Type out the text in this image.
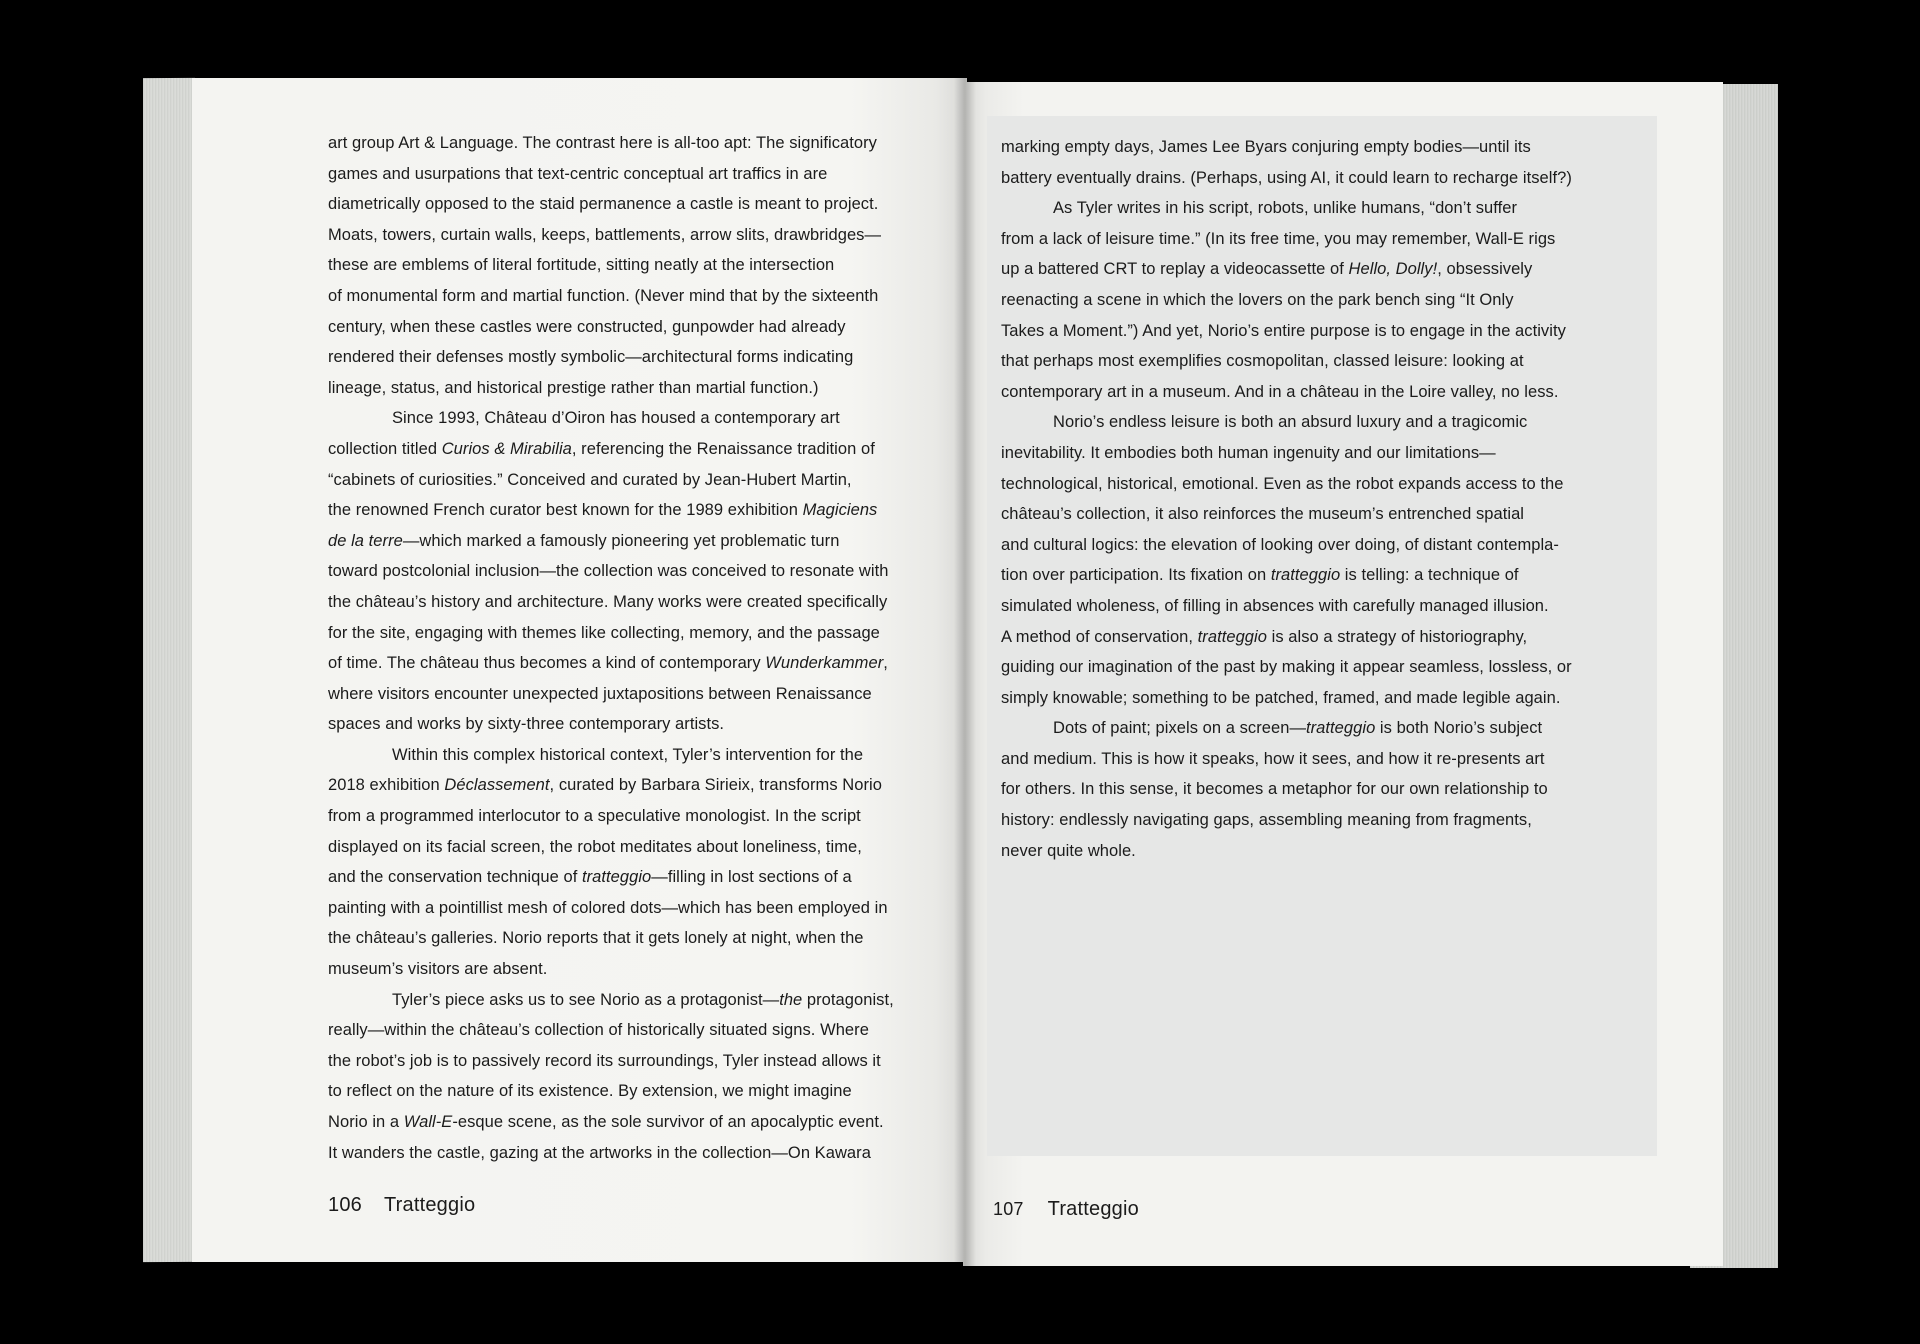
art group Art & Language. The contrast here is all-too apt: The significatory
games and usurpations that text-centric conceptual art traffics in are
diametrically opposed to the staid permanence a castle is meant to project.
Moats, towers, curtain walls, keeps, battlements, arrow slits, drawbridges—
these are emblems of literal fortitude, sitting neatly at the intersection
of monumental form and martial function. (Never mind that by the sixteenth
century, when these castles were constructed, gunpowder had already
rendered their defenses mostly symbolic—architectural forms indicating
lineage, status, and historical prestige rather than martial function.)
Since 1993, Château d’Oiron has housed a contemporary art
collection titled Curios & Mirabilia, referencing the Renaissance tradition of
“cabinets of curiosities.” Conceived and curated by Jean-Hubert Martin,
the renowned French curator best known for the 1989 exhibition Magiciens
de la terre—which marked a famously pioneering yet problematic turn
toward postcolonial inclusion—the collection was conceived to resonate with
the château’s history and architecture. Many works were created specifically
for the site, engaging with themes like collecting, memory, and the passage
of time. The château thus becomes a kind of contemporary Wunderkammer,
where visitors encounter unexpected juxtapositions between Renaissance
spaces and works by sixty-three contemporary artists.
Within this complex historical context, Tyler’s intervention for the
2018 exhibition Déclassement, curated by Barbara Sirieix, transforms Norio
from a programmed interlocutor to a speculative monologist. In the script
displayed on its facial screen, the robot meditates about loneliness, time,
and the conservation technique of tratteggio—filling in lost sections of a
painting with a pointillist mesh of colored dots—which has been employed in
the château’s galleries. Norio reports that it gets lonely at night, when the
museum’s visitors are absent.
Tyler’s piece asks us to see Norio as a protagonist—the protagonist,
really—within the château’s collection of historically situated signs. Where
the robot’s job is to passively record its surroundings, Tyler instead allows it
to reflect on the nature of its existence. By extension, we might imagine
Norio in a Wall-E-esque scene, as the sole survivor of an apocalyptic event.
It wanders the castle, gazing at the artworks in the collection—On Kawara
106 Tratteggio
marking empty days, James Lee Byars conjuring empty bodies—until its
battery eventually drains. (Perhaps, using AI, it could learn to recharge itself?)
As Tyler writes in his script, robots, unlike humans, “don’t suffer
from a lack of leisure time.” (In its free time, you may remember, Wall-E rigs
up a battered CRT to replay a videocassette of Hello, Dolly!, obsessively
reenacting a scene in which the lovers on the park bench sing “It Only
Takes a Moment.”) And yet, Norio’s entire purpose is to engage in the activity
that perhaps most exemplifies cosmopolitan, classed leisure: looking at
contemporary art in a museum. And in a château in the Loire valley, no less.
Norio’s endless leisure is both an absurd luxury and a tragicomic
inevitability. It embodies both human ingenuity and our limitations—
technological, historical, emotional. Even as the robot expands access to the
château’s collection, it also reinforces the museum’s entrenched spatial
and cultural logics: the elevation of looking over doing, of distant contempla-
tion over participation. Its fixation on tratteggio is telling: a technique of
simulated wholeness, of filling in absences with carefully managed illusion.
A method of conservation, tratteggio is also a strategy of historiography,
guiding our imagination of the past by making it appear seamless, lossless, or
simply knowable; something to be patched, framed, and made legible again.
Dots of paint; pixels on a screen—tratteggio is both Norio’s subject
and medium. This is how it speaks, how it sees, and how it re-presents art
for others. In this sense, it becomes a metaphor for our own relationship to
history: endlessly navigating gaps, assembling meaning from fragments,
never quite whole.
107 Tratteggio
